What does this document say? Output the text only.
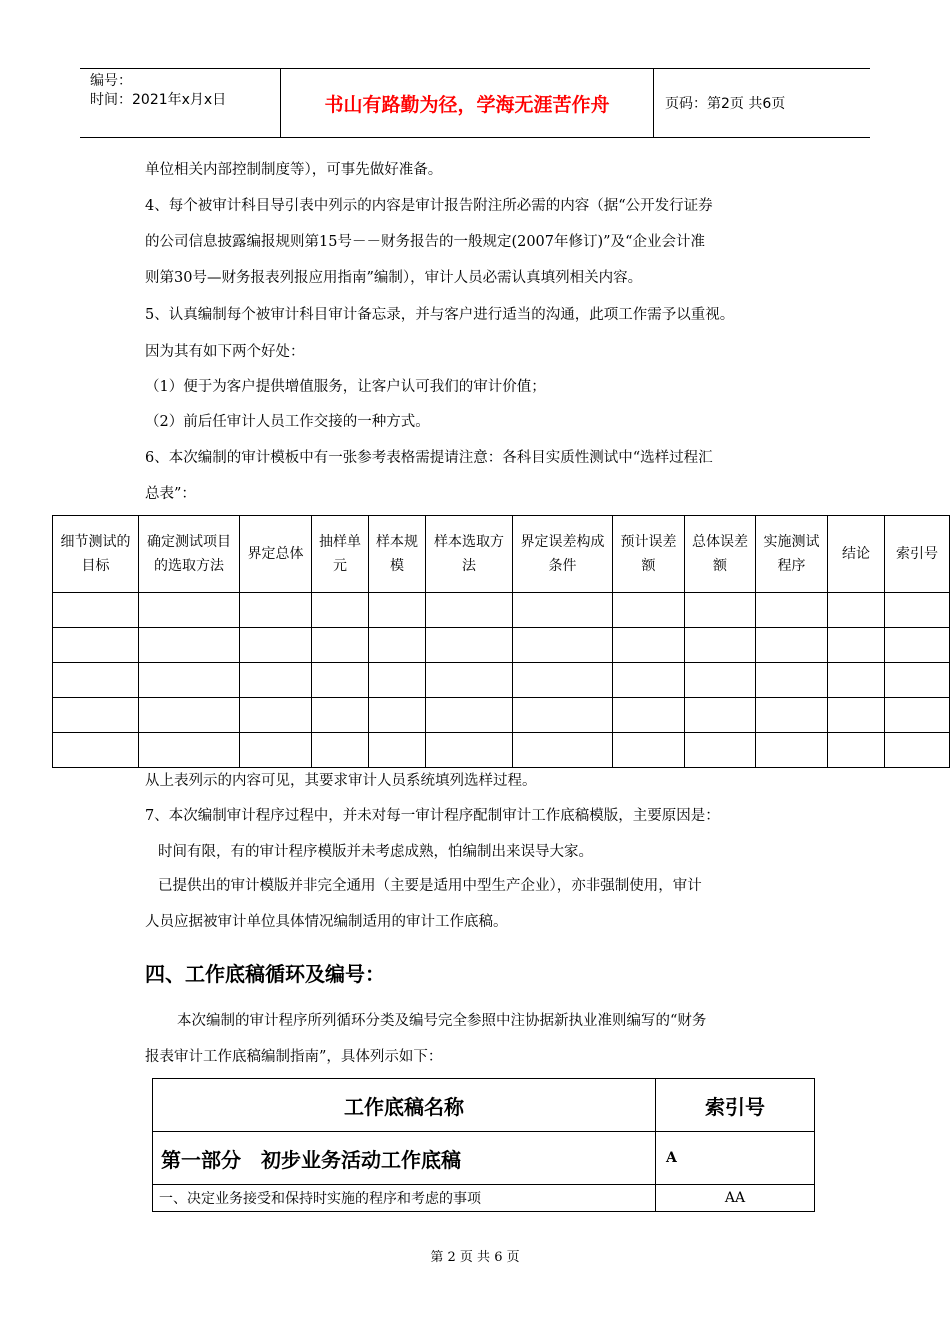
编号：
时间：2021年x月x日	书山有路勤为径，学海无涯苦作舟	页码：第2页 共6页
单位相关内部控制制度等），可事先做好准备。
4、每个被审计科目导引表中列示的内容是审计报告附注所必需的内容（据“公开发行证券
的公司信息披露编报规则第15号－－财务报告的一般规定(2007年修订)”及“企业会计准
则第30号—财务报表列报应用指南”编制），审计人员必需认真填列相关内容。
5、认真编制每个被审计科目审计备忘录，并与客户进行适当的沟通，此项工作需予以重视。
因为其有如下两个好处：
（1）便于为客户提供增值服务，让客户认可我们的审计价值；
（2）前后任审计人员工作交接的一种方式。
6、本次编制的审计模板中有一张参考表格需提请注意：各科目实质性测试中“选样过程汇
总表”：
细节测试的目标	确定测试项目的选取方法	界定总体	抽样单元	样本规模	样本选取方法	界定误差构成条件	预计误差额	总体误差额	实施测试程序	结论	索引号

从上表列示的内容可见，其要求审计人员系统填列选样过程。
7、本次编制审计程序过程中，并未对每一审计程序配制审计工作底稿模版，主要原因是：
时间有限，有的审计程序模版并未考虑成熟，怕编制出来误导大家。
已提供出的审计模版并非完全通用（主要是适用中型生产企业），亦非强制使用，审计
人员应据被审计单位具体情况编制适用的审计工作底稿。
四、工作底稿循环及编号：
本次编制的审计程序所列循环分类及编号完全参照中注协据新执业准则编写的“财务
报表审计工作底稿编制指南”，具体列示如下：
工作底稿名称	索引号
第一部分　初步业务活动工作底稿	A
一、决定业务接受和保持时实施的程序和考虑的事项	AA
第 2 页 共 6 页
